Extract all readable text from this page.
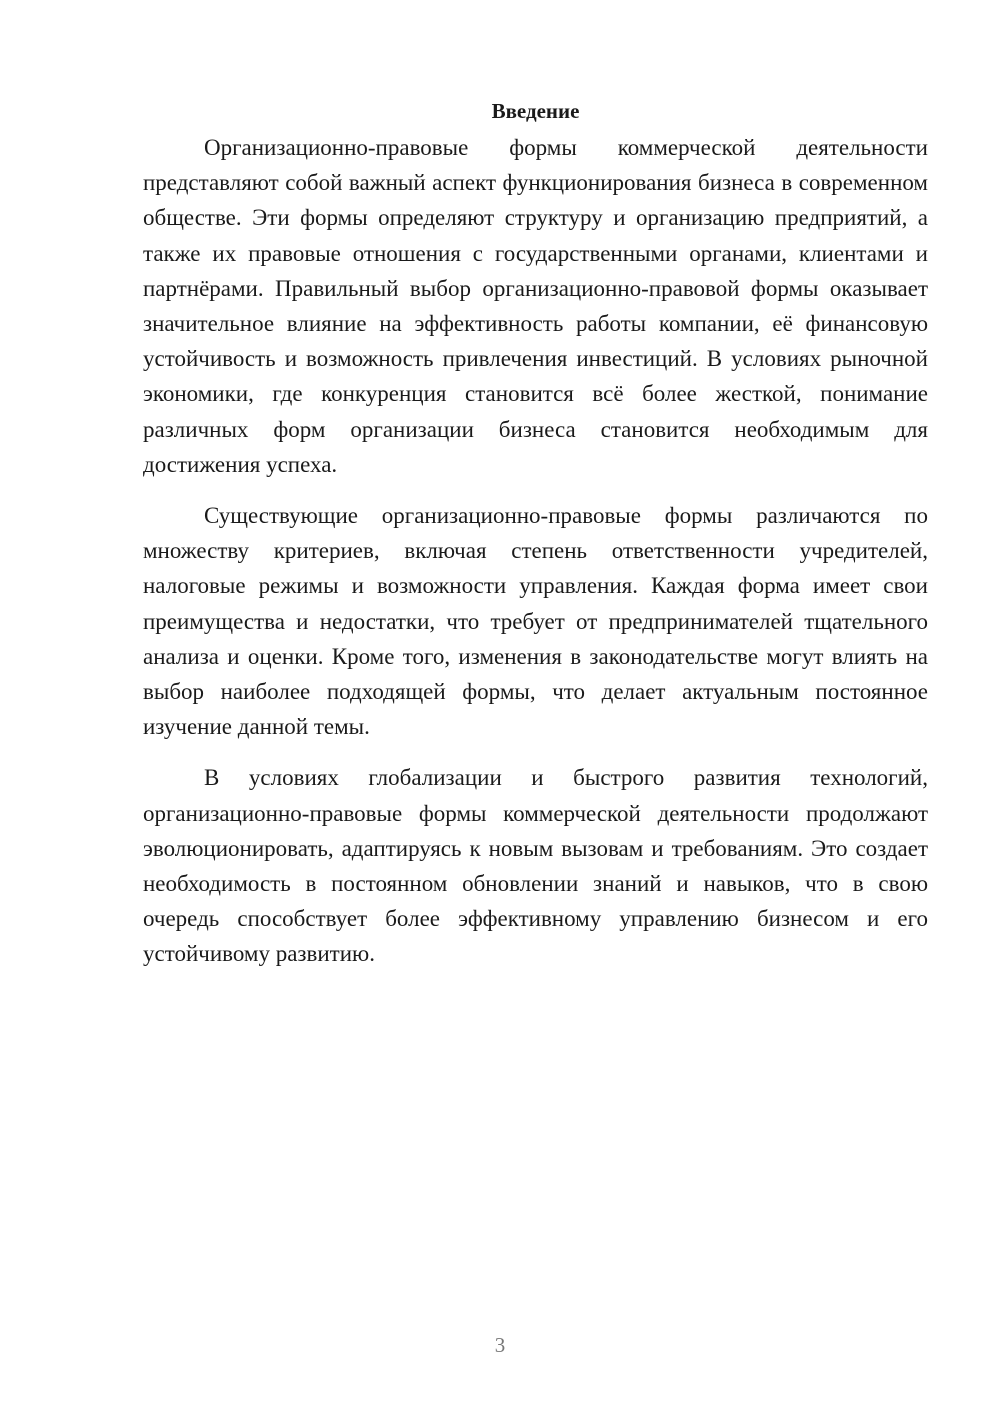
Введение

Организационно-правовые формы коммерческой деятельности представляют собой важный аспект функционирования бизнеса в современном обществе. Эти формы определяют структуру и организацию предприятий, а также их правовые отношения с государственными органами, клиентами и партнёрами. Правильный выбор организационно-правовой формы оказывает значительное влияние на эффективность работы компании, её финансовую устойчивость и возможность привлечения инвестиций. В условиях рыночной экономики, где конкуренция становится всё более жесткой, понимание различных форм организации бизнеса становится необходимым для достижения успеха.

Существующие организационно-правовые формы различаются по множеству критериев, включая степень ответственности учредителей, налоговые режимы и возможности управления. Каждая форма имеет свои преимущества и недостатки, что требует от предпринимателей тщательного анализа и оценки. Кроме того, изменения в законодательстве могут влиять на выбор наиболее подходящей формы, что делает актуальным постоянное изучение данной темы.

В условиях глобализации и быстрого развития технологий, организационно-правовые формы коммерческой деятельности продолжают эволюционировать, адаптируясь к новым вызовам и требованиям. Это создает необходимость в постоянном обновлении знаний и навыков, что в свою очередь способствует более эффективному управлению бизнесом и его устойчивому развитию.

3
